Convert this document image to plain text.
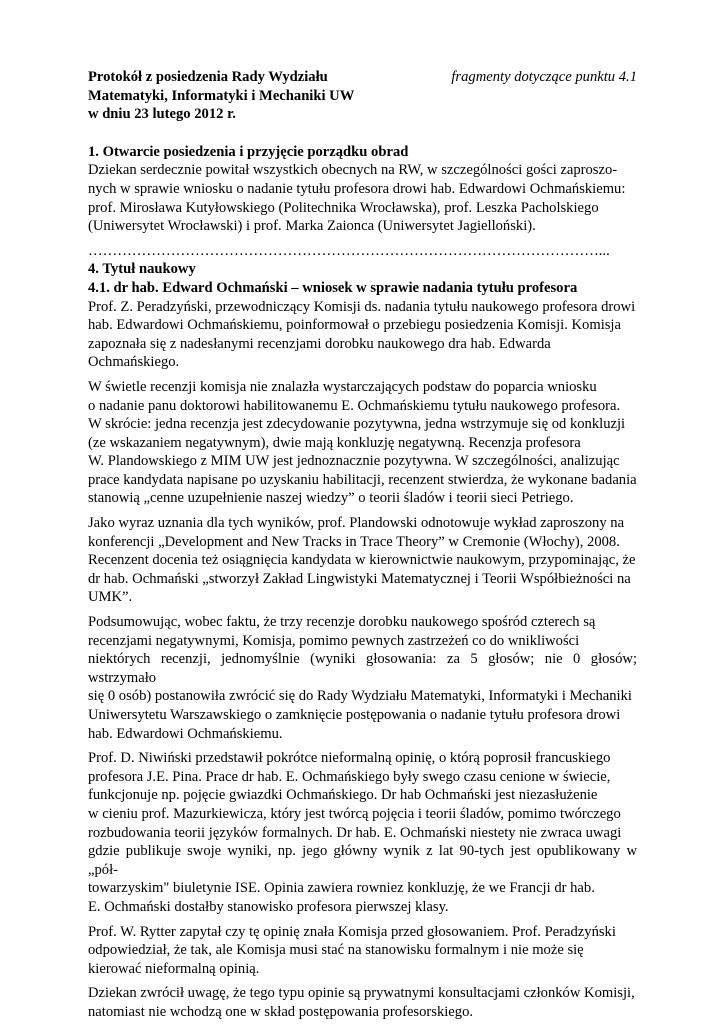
Protokół z posiedzenia Rady Wydziału
Matematyki, Informatyki i Mechaniki UW
w dniu 23 lutego 2012 r.
fragmenty dotyczące punktu 4.1
1. Otwarcie posiedzenia i przyjęcie porządku obrad

Dziekan serdecznie powitał wszystkich obecnych na RW, w szczególności gości zaproszo-
nych w sprawie wniosku o nadanie tytułu profesora drowi hab. Edwardowi Ochmańskiemu:
prof. Mirosława Kutyłowskiego (Politechnika Wrocławska), prof. Leszka Pacholskiego
(Uniwersytet Wrocławski) i prof. Marka Zaionca (Uniwersytet Jagielloński).

……………………………………………………………………………………………...
4. Tytuł naukowy
4.1. dr hab. Edward Ochmański – wniosek w sprawie nadania tytułu profesora

Prof. Z. Peradzyński, przewodniczący Komisji ds. nadania tytułu naukowego profesora drowi
hab. Edwardowi Ochmańskiemu, poinformował o przebiegu posiedzenia Komisji. Komisja
zapoznała się z nadesłanymi recenzjami dorobku naukowego dra hab. Edwarda
Ochmańskiego.

W świetle recenzji komisja nie znalazła wystarczających podstaw do poparcia wniosku
o nadanie panu doktorowi habilitowanemu E. Ochmańskiemu tytułu naukowego profesora.
W skrócie: jedna recenzja jest zdecydowanie pozytywna, jedna wstrzymuje się od konkluzji
(ze wskazaniem negatywnym), dwie mają konkluzję negatywną. Recenzja profesora
W. Plandowskiego z MIM UW jest jednoznacznie pozytywna. W szczególności, analizując
prace kandydata napisane po uzyskaniu habilitacji, recenzent stwierdza, że wykonane badania
stanowią „cenne uzupełnienie naszej wiedzy” o teorii śladów i teorii sieci Petriego.

Jako wyraz uznania dla tych wyników, prof. Plandowski odnotowuje wykład zaproszony na
konferencji „Development and New Tracks in Trace Theory” w Cremonie (Włochy), 2008.
Recenzent docenia też osiągnięcia kandydata w kierownictwie naukowym, przypominając, że
dr hab. Ochmański „stworzył Zakład Lingwistyki Matematycznej i Teorii Współbieżności na
UMK”.

Podsumowując, wobec faktu, że trzy recenzje dorobku naukowego spośród czterech są
recenzjami negatywnymi, Komisja, pomimo pewnych zastrzeżeń co do wnikliwości
niektórych recenzji, jednomyślnie (wyniki głosowania: za 5 głosów; nie 0 głosów; wstrzymało
się 0 osób) postanowiła zwrócić się do Rady Wydziału Matematyki, Informatyki i Mechaniki
Uniwersytetu Warszawskiego o zamknięcie postępowania o nadanie tytułu profesora drowi
hab. Edwardowi Ochmańskiemu.

Prof. D. Niwiński przedstawił pokrótce nieformalną opinię, o którą poprosił francuskiego
profesora J.E. Pina. Prace dr hab. E. Ochmańskiego były swego czasu cenione w świecie,
funkcjonuje np. pojęcie gwiazdki Ochmańskiego. Dr hab Ochmański jest niezasłużenie
w cieniu prof. Mazurkiewicza, który jest twórcą pojęcia i teorii śladów, pomimo twórczego
rozbudowania teorii języków formalnych. Dr hab. E. Ochmański niestety nie zwraca uwagi
gdzie publikuje swoje wyniki, np. jego główny wynik z lat 90-tych jest opublikowany w „pół-
towarzyskim" biuletynie ISE. Opinia zawiera rowniez konkluzję, że we Francji dr hab.
E. Ochmański dostałby stanowisko profesora pierwszej klasy.

Prof. W. Rytter zapytał czy tę opinię znała Komisja przed głosowaniem. Prof. Peradzyński
odpowiedział, że tak, ale Komisja musi stać na stanowisku formalnym i nie może się
kierować nieformalną opinią.

Dziekan zwrócił uwagę, że tego typu opinie są prywatnymi konsultacjami członków Komisji,
natomiast nie wchodzą one w skład postępowania profesorskiego.
